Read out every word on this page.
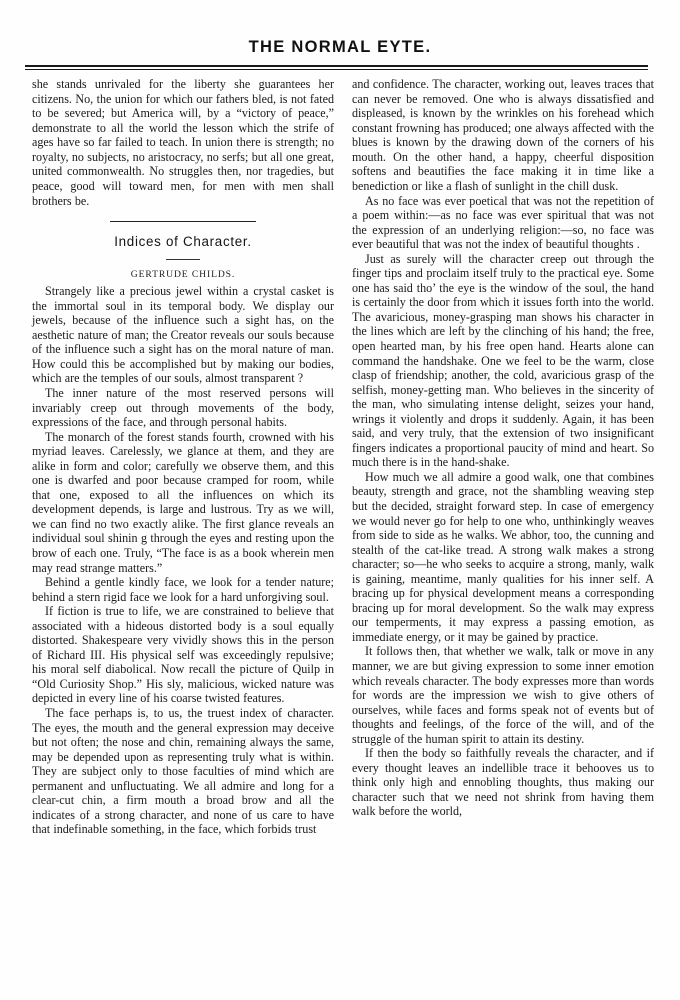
THE NORMAL EYTE.

she stands unrivaled for the liberty she guarantees her citizens. No, the union for which our fathers bled, is not fated to be severed; but America will, by a “victory of peace,” demonstrate to all the world the lesson which the strife of ages have so far failed to teach. In union there is strength; no royalty, no subjects, no aristocracy, no serfs; but all one great, united commonwealth. No struggles then, nor tragedies, but peace, good will toward men, for men with men shall brothers be.

Indices of Character.

GERTRUDE CHILDS.

Strangely like a precious jewel within a crystal casket is the immortal soul in its temporal body. We display our jewels, because of the influence such a sight has, on the aesthetic nature of man; the Creator reveals our souls because of the influence such a sight has on the moral nature of man. How could this be accomplished but by making our bodies, which are the temples of our souls, almost transparent ?

The inner nature of the most reserved persons will invariably creep out through movements of the body, expressions of the face, and through personal habits.

The monarch of the forest stands fourth, crowned with his myriad leaves. Carelessly, we glance at them, and they are alike in form and color; carefully we observe them, and this one is dwarfed and poor because cramped for room, while that one, exposed to all the influences on which its development depends, is large and lustrous. Try as we will, we can find no two exactly alike. The first glance reveals an individual soul shinin g through the eyes and resting upon the brow of each one. Truly, “The face is as a book wherein men may read strange matters.”

Behind a gentle kindly face, we look for a tender nature; behind a stern rigid face we look for a hard unforgiving soul.

If fiction is true to life, we are constrained to believe that associated with a hideous distorted body is a soul equally distorted. Shakespeare very vividly shows this in the person of Richard III. His physical self was exceedingly repulsive; his moral self diabolical. Now recall the picture of Quilp in “Old Curiosity Shop.” His sly, malicious, wicked nature was depicted in every line of his coarse twisted features.

The face perhaps is, to us, the truest index of character. The eyes, the mouth and the general expression may deceive but not often; the nose and chin, remaining always the same, may be depended upon as representing truly what is within. They are subject only to those faculties of mind which are permanent and unfluctuating. We all admire and long for a clear-cut chin, a firm mouth a broad brow and all the indicates of a strong character, and none of us care to have that indefinable something, in the face, which forbids trust

and confidence. The character, working out, leaves traces that can never be removed. One who is always dissatisfied and displeased, is known by the wrinkles on his forehead which constant frowning has produced; one always affected with the blues is known by the drawing down of the corners of his mouth. On the other hand, a happy, cheerful disposition softens and beautifies the face making it in time like a benediction or like a flash of sunlight in the chill dusk.

As no face was ever poetical that was not the repetition of a poem within:—as no face was ever spiritual that was not the expression of an underlying religion:—so, no face was ever beautiful that was not the index of beautiful thoughts .

Just as surely will the character creep out through the finger tips and proclaim itself truly to the practical eye. Some one has said tho’ the eye is the window of the soul, the hand is certainly the door from which it issues forth into the world. The avaricious, money-grasping man shows his character in the lines which are left by the clinching of his hand; the free, open hearted man, by his free open hand. Hearts alone can command the handshake. One we feel to be the warm, close clasp of friendship; another, the cold, avaricious grasp of the selfish, money-getting man. Who believes in the sincerity of the man, who simulating intense delight, seizes your hand, wrings it violently and drops it suddenly. Again, it has been said, and very truly, that the extension of two insignificant fingers indicates a proportional paucity of mind and heart. So much there is in the hand-shake.

How much we all admire a good walk, one that combines beauty, strength and grace, not the shambling weaving step but the decided, straight forward step. In case of emergency we would never go for help to one who, unthinkingly weaves from side to side as he walks. We abhor, too, the cunning and stealth of the cat-like tread. A strong walk makes a strong character; so—he who seeks to acquire a strong, manly, walk is gaining, meantime, manly qualities for his inner self. A bracing up for physical development means a corresponding bracing up for moral development. So the walk may express our temperments, it may express a passing emotion, as immediate energy, or it may be gained by practice.

It follows then, that whether we walk, talk or move in any manner, we are but giving expression to some inner emotion which reveals character. The body expresses more than words for words are the impression we wish to give others of ourselves, while faces and forms speak not of events but of thoughts and feelings, of the force of the will, and of the struggle of the human spirit to attain its destiny.

If then the body so faithfully reveals the character, and if every thought leaves an indellible trace it behooves us to think only high and ennobling thoughts, thus making our character such that we need not shrink from having them walk before the world,
